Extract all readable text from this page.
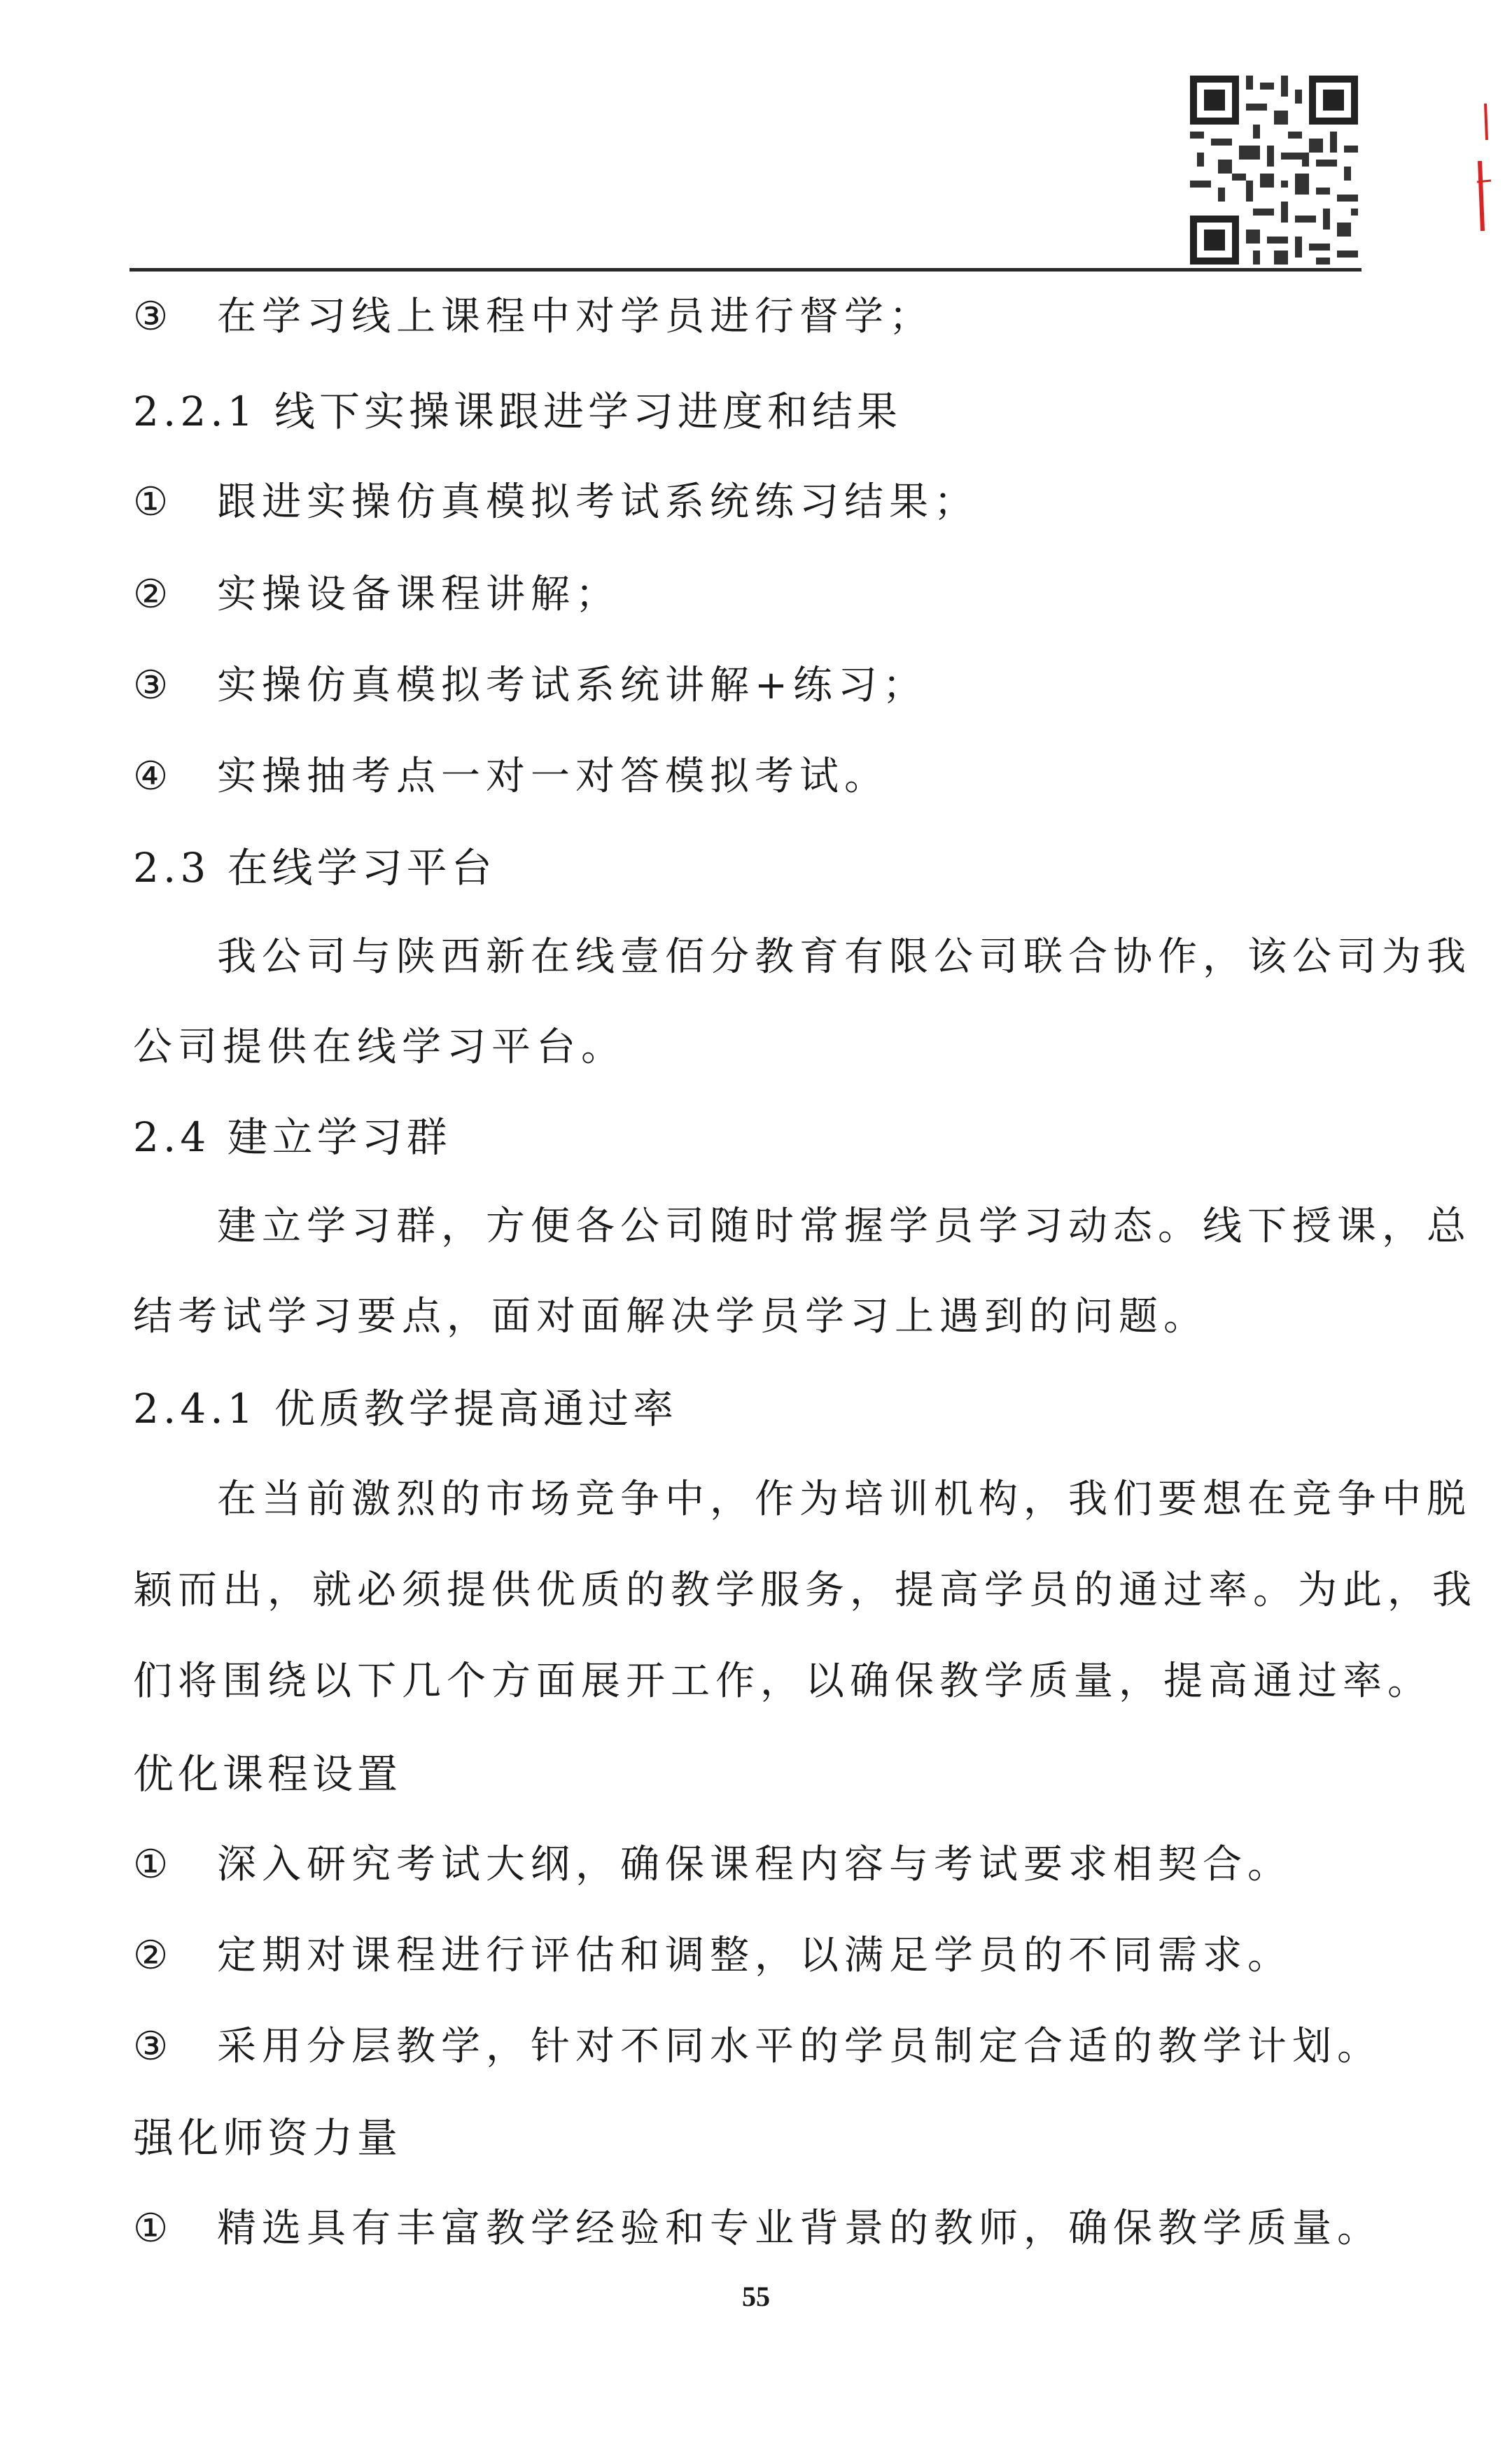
③ 在学习线上课程中对学员进行督学；
2.2.1 线下实操课跟进学习进度和结果
① 跟进实操仿真模拟考试系统练习结果；
② 实操设备课程讲解；
③ 实操仿真模拟考试系统讲解+练习；
④ 实操抽考点一对一对答模拟考试。
2.3 在线学习平台
我公司与陕西新在线壹佰分教育有限公司联合协作，该公司为我
公司提供在线学习平台。
2.4 建立学习群
建立学习群，方便各公司随时常握学员学习动态。线下授课，总
结考试学习要点，面对面解决学员学习上遇到的问题。
2.4.1 优质教学提高通过率
在当前激烈的市场竞争中，作为培训机构，我们要想在竞争中脱
颖而出，就必须提供优质的教学服务，提高学员的通过率。为此，我
们将围绕以下几个方面展开工作，以确保教学质量，提高通过率。
优化课程设置
① 深入研究考试大纲，确保课程内容与考试要求相契合。
② 定期对课程进行评估和调整，以满足学员的不同需求。
③ 采用分层教学，针对不同水平的学员制定合适的教学计划。
强化师资力量
① 精选具有丰富教学经验和专业背景的教师，确保教学质量。
55
